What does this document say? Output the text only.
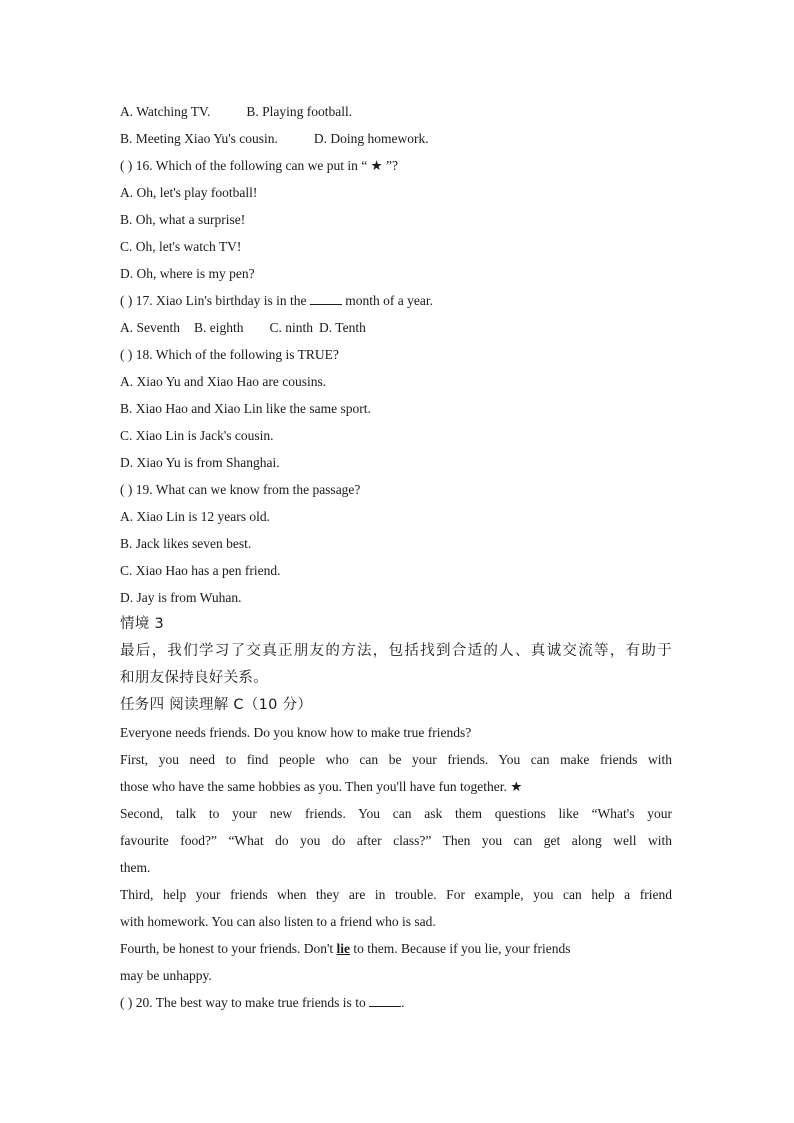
A. Watching TV.	B. Playing football.
B. Meeting Xiao Yu's cousin.	D. Doing homework.
( ) 16. Which of the following can we put in “ ★ ”?
A. Oh, let's play football!
B. Oh, what a surprise!
C. Oh, let's watch TV!
D. Oh, where is my pen?
( ) 17. Xiao Lin's birthday is in the	month of a year.
A. Seventh B. eighth C. ninth D. Tenth
( ) 18. Which of the following is TRUE?
A. Xiao Yu and Xiao Hao are cousins.
B. Xiao Hao and Xiao Lin like the same sport.
C. Xiao Lin is Jack's cousin.
D. Xiao Yu is from Shanghai.
( ) 19. What can we know from the passage?
A. Xiao Lin is 12 years old.
B. Jack likes seven best.
C. Xiao Hao has a pen friend.
D. Jay is from Wuhan.
情境 3
最后，我们学习了交真正朋友的方法，包括找到合适的人、真诚交流等，有助于
和朋友保持良好关系。
任务四 阅读理解 C（10 分）
Everyone needs friends. Do you know how to make true friends?
First, you need to find people who can be your friends. You can make friends with
those who have the same hobbies as you. Then you'll have fun together. ★
Second, talk to your new friends. You can ask them questions like “What's your
favourite food?” “What do you do after class?” Then you can get along well with
them.
Third, help your friends when they are in trouble. For example, you can help a friend
with homework. You can also listen to a friend who is sad.
Fourth, be honest to your friends. Don't lie to them. Because if you lie, your friends
may be unhappy.
( ) 20. The best way to make true friends is to	.
